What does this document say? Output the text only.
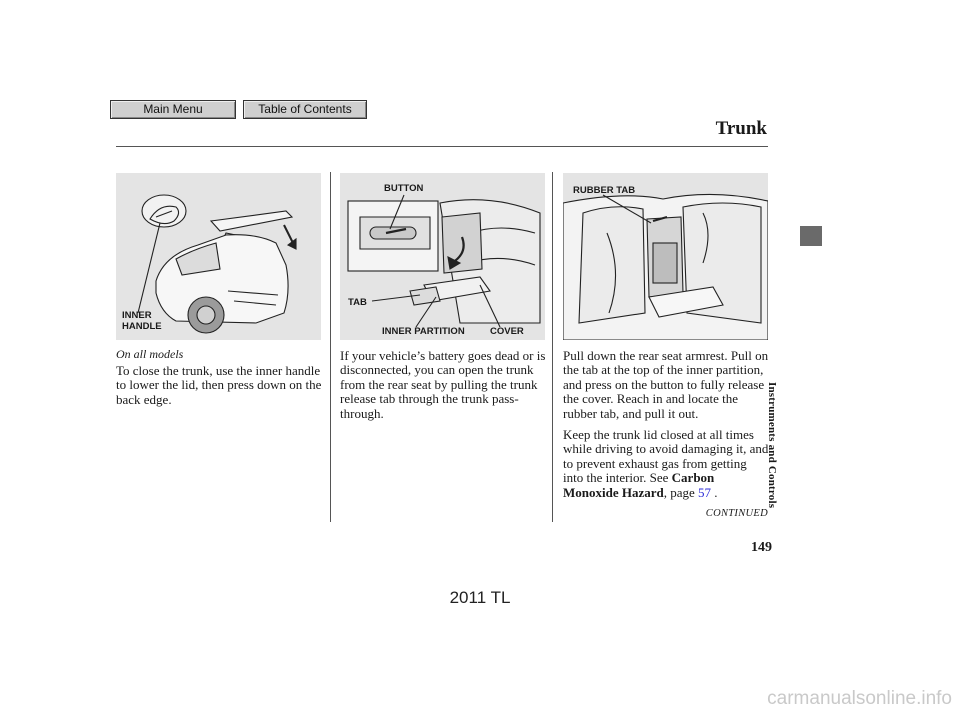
Main Menu	Table of Contents
Trunk
INNER
HANDLE
BUTTON
TAB
INNER PARTITION	COVER
RUBBER TAB
On all models
To close the trunk, use the inner handle to lower the lid, then press down on the back edge.
If your vehicle’s battery goes dead or is disconnected, you can open the trunk from the rear seat by pulling the trunk release tab through the trunk pass-through.
Pull down the rear seat armrest. Pull on the tab at the top of the inner partition, and press on the button to fully release the cover. Reach in and locate the rubber tab, and pull it out.
Keep the trunk lid closed at all times while driving to avoid damaging it, and to prevent exhaust gas from getting into the interior. See Carbon Monoxide Hazard, page 57 .
CONTINUED
Instruments and Controls
149
2011 TL
carmanualsonline.info
